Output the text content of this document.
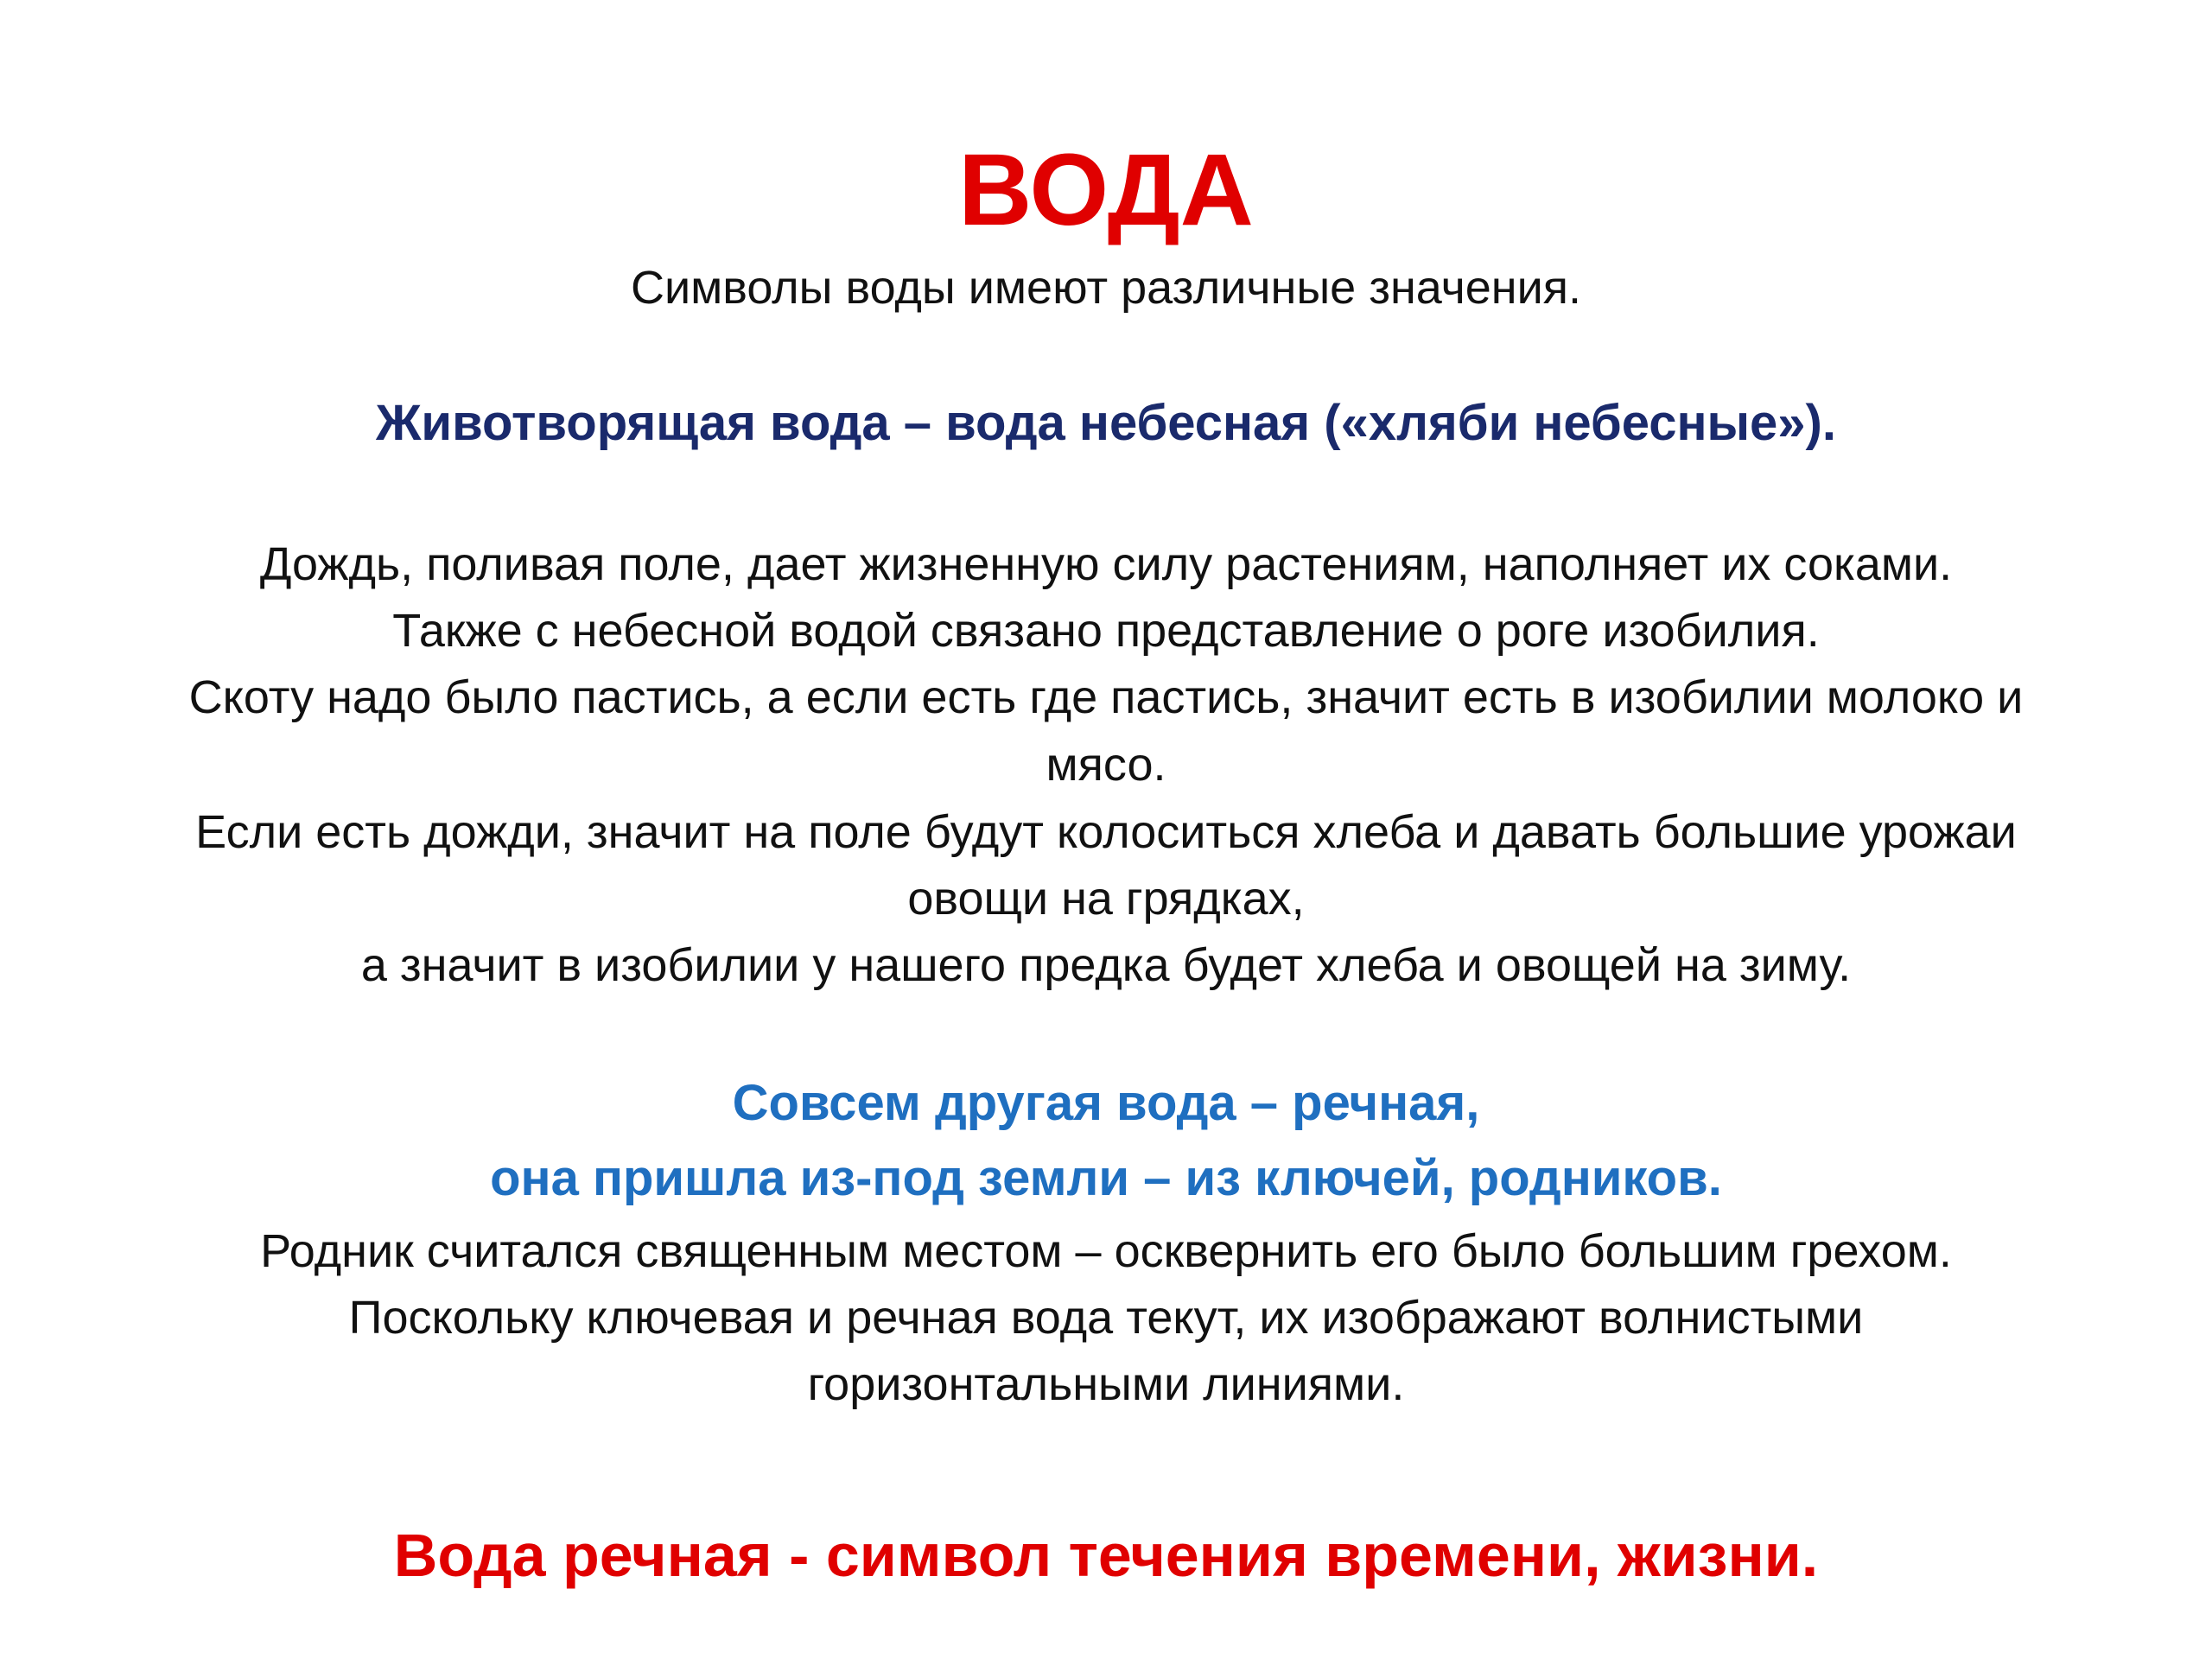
ВОДА
Символы воды имеют различные значения.
Животворящая вода – вода небесная («хляби небесные»).
Дождь, поливая поле, дает жизненную силу растениям, наполняет их соками.
Также с небесной водой связано представление о роге изобилия.
Скоту надо было пастись, а если есть где пастись, значит есть в изобилии молоко и
мясо.
Если есть дожди, значит на поле будут колоситься хлеба и давать большие урожаи
овощи на грядках,
а значит в изобилии у нашего предка будет хлеба и овощей на зиму.
Совсем другая вода – речная,
она пришла из-под земли – из ключей, родников.
Родник считался священным местом – осквернить его было большим грехом.
Поскольку ключевая и речная вода текут, их изображают волнистыми
горизонтальными линиями.
Вода речная - символ течения времени, жизни.
